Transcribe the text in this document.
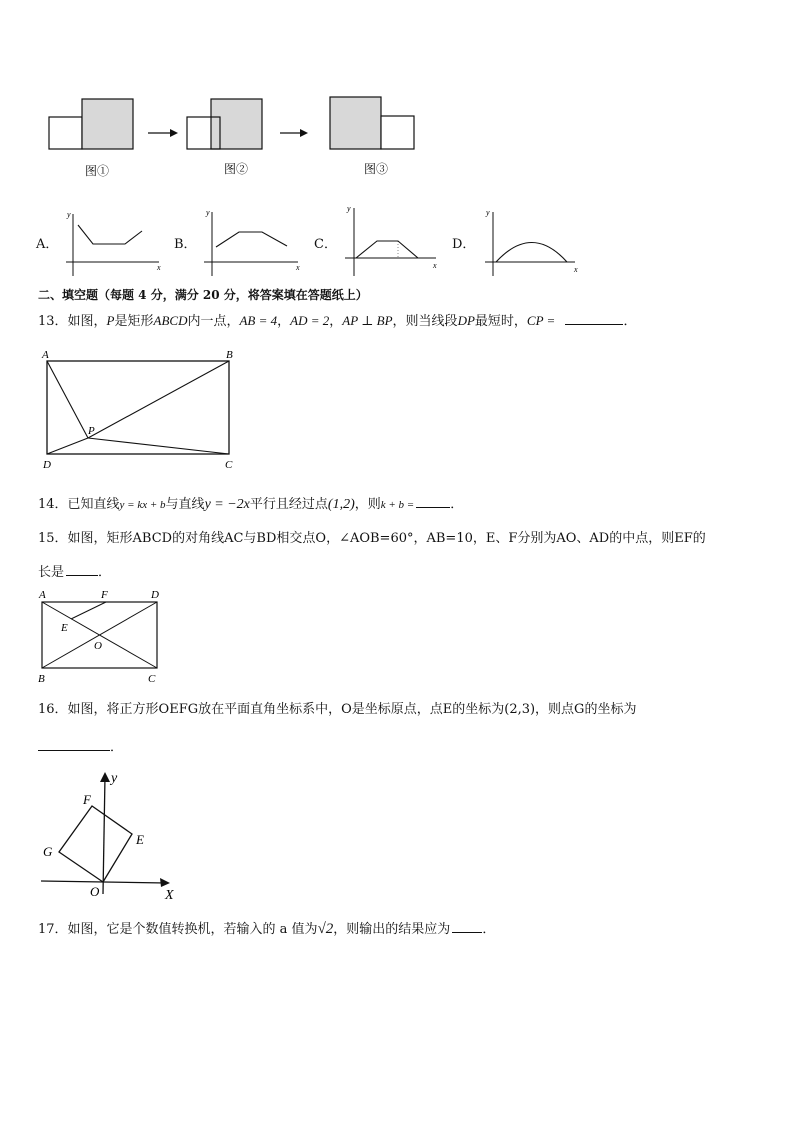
图①	图②	图③
A．	B．	C．	D．
y
x
y
x
y
x
y
x
二、填空题（每题 4 分，满分 20 分，将答案填在答题纸上）
13．如图，P是矩形ABCD内一点，AB = 4，AD = 2，AP ⊥ BP，则当线段DP最短时，CP =	．
A	B
D	C
P
14．已知直线y = kx + b与直线y = −2x平行且经过点(1,2)，则k + b =	．
15．如图，矩形ABCD的对角线AC与BD相交点O，∠AOB=60°，AB=10，E、F分别为AO、AD的中点，则EF的
长是	．
A	F	D
E
O
B	C
16．如图，将正方形OEFG放在平面直角坐标系中，O是坐标原点，点E的坐标为(2,3)，则点G的坐标为
．
y
X
F
E
G
O
17．如图，它是个数值转换机，若输入的 a 值为√2，则输出的结果应为 ．
